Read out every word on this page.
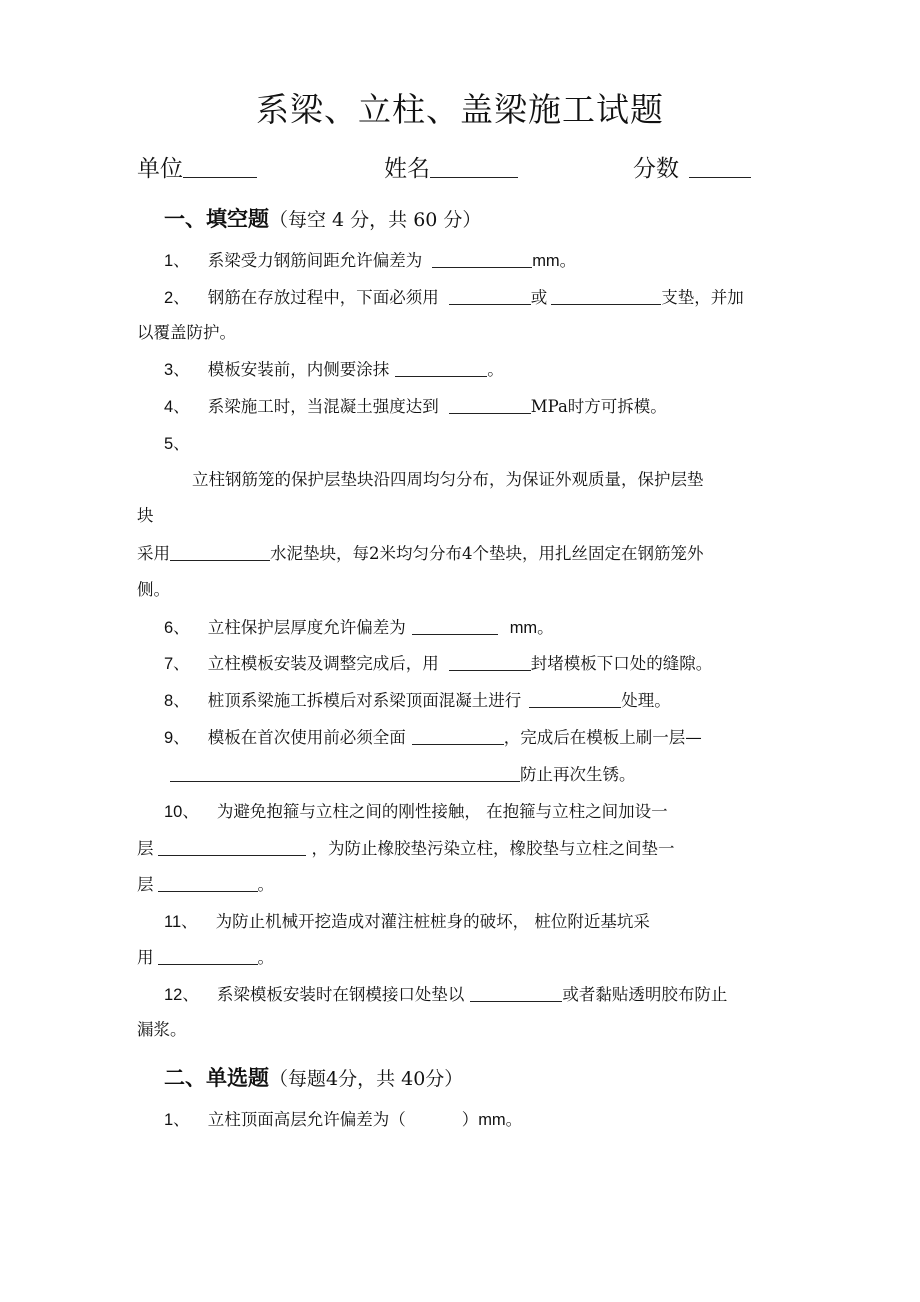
系梁、立柱、盖梁施工试题
单位	姓名	分数
一、填空题（每空 4 分，共 60 分）
1、 系梁受力钢筋间距允许偏差为	mm。
2、 钢筋在存放过程中，下面必须用	或	支垫，并加
以覆盖防护。
3、 模板安装前，内侧要涂抹	。
4、 系梁施工时，当混凝土强度达到	MPa时方可拆模。
5、
立柱钢筋笼的保护层垫块沿四周均匀分布，为保证外观质量，保护层垫
块
采用	水泥垫块，每2米均匀分布4个垫块，用扎丝固定在钢筋笼外
侧。
6、 立柱保护层厚度允许偏差为	mm。
7、 立柱模板安装及调整完成后，用	封堵模板下口处的缝隙。
8、 桩顶系梁施工拆模后对系梁顶面混凝土进行	处理。
9、 模板在首次使用前必须全面	，完成后在模板上刷一层—
防止再次生锈。
10、 为避免抱箍与立柱之间的刚性接触， 在抱箍与立柱之间加设一
层	，为防止橡胶垫污染立柱，橡胶垫与立柱之间垫一
层	。
11、 为防止机械开挖造成对灌注桩桩身的破坏， 桩位附近基坑采
用	。
12、 系梁模板安装时在钢模接口处垫以	或者黏贴透明胶布防止
漏浆。
二、单选题（每题4分，共 40分）
1、 立柱顶面高层允许偏差为（	）mm。
